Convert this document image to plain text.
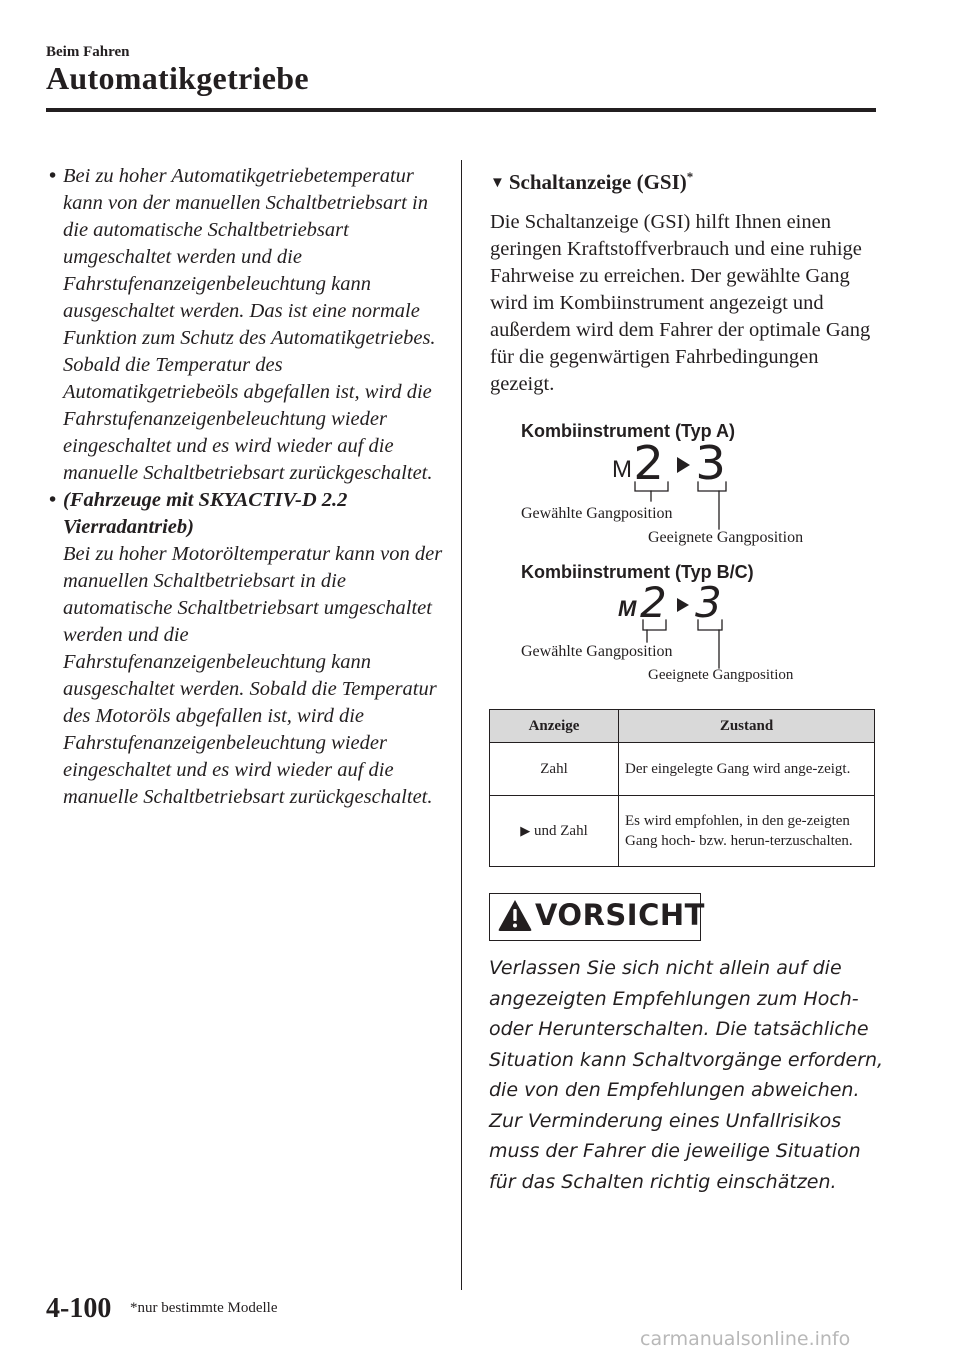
Beim Fahren
Automatikgetriebe
• Bei zu hoher Automatikgetriebetemperatur kann von der manuellen Schaltbetriebsart in die automatische Schaltbetriebsart umgeschaltet werden und die Fahrstufenanzeigenbeleuchtung kann ausgeschaltet werden. Das ist eine normale Funktion zum Schutz des Automatikgetriebes. Sobald die Temperatur des Automatikgetriebeöls abgefallen ist, wird die Fahrstufenanzeigenbeleuchtung wieder eingeschaltet und es wird wieder auf die manuelle Schaltbetriebsart zurückgeschaltet.
• (Fahrzeuge mit SKYACTIV-D 2.2 Vierradantrieb)
Bei zu hoher Motoröltemperatur kann von der manuellen Schaltbetriebsart in die automatische Schaltbetriebsart umgeschaltet werden und die Fahrstufenanzeigenbeleuchtung kann ausgeschaltet werden. Sobald die Temperatur des Motoröls abgefallen ist, wird die Fahrstufenanzeigenbeleuchtung wieder eingeschaltet und es wird wieder auf die manuelle Schaltbetriebsart zurückgeschaltet.
▼ Schaltanzeige (GSI)*
Die Schaltanzeige (GSI) hilft Ihnen einen geringen Kraftstoffverbrauch und eine ruhige Fahrweise zu erreichen. Der gewählte Gang wird im Kombiinstrument angezeigt und außerdem wird dem Fahrer der optimale Gang für die gegenwärtigen Fahrbedingungen gezeigt.
Kombiinstrument (Typ A)
M 2 3
Gewählte Gangposition
Geeignete Gangposition
Kombiinstrument (Typ B/C)
M 2 3
Gewählte Gangposition
Geeignete Gangposition
Anzeige	Zustand
Zahl	Der eingelegte Gang wird ange-zeigt.
▶ und Zahl	Es wird empfohlen, in den ge-zeigten Gang hoch- bzw. herun-terzuschalten.
VORSICHT
Verlassen Sie sich nicht allein auf die angezeigten Empfehlungen zum Hoch- oder Herunterschalten. Die tatsächliche Situation kann Schaltvorgänge erfordern, die von den Empfehlungen abweichen. Zur Verminderung eines Unfallrisikos muss der Fahrer die jeweilige Situation für das Schalten richtig einschätzen.
4-100 *nur bestimmte Modelle
carmanualsonline.info
